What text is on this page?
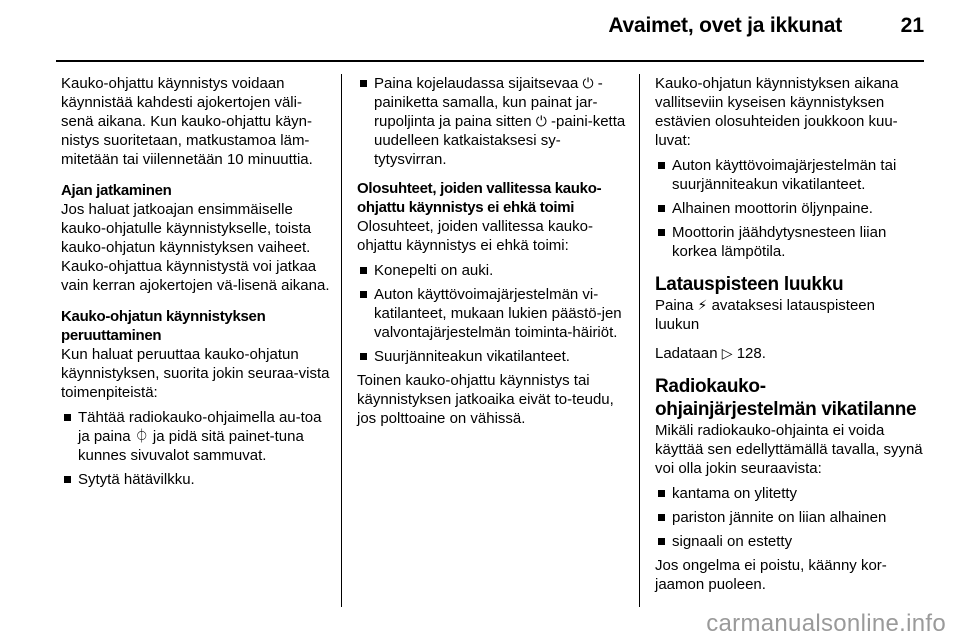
Avaimet, ovet ja ikkunat	21

Kauko-ohjattu käynnistys voidaan käynnistää kahdesti ajokertojen väli-senä aikana. Kun kauko-ohjattu käyn-nistys suoritetaan, matkustamoa läm-mitetään tai viilennetään 10 minuuttia.

Ajan jatkaminen

Jos haluat jatkoajan ensimmäiselle kauko-ohjatulle käynnistykselle, toista kauko-ohjatun käynnistyksen vaiheet. Kauko-ohjattua käynnistystä voi jatkaa vain kerran ajokertojen vä-lisenä aikana.

Kauko-ohjatun käynnistyksen peruuttaminen

Kun haluat peruuttaa kauko-ohjatun käynnistyksen, suorita jokin seuraa-vista toimenpiteistä:

Tähtää radiokauko-ohjaimella au-toa ja paina ⏀ ja pidä sitä painet-tuna kunnes sivuvalot sammuvat.
Sytytä hätävilkku.
Paina kojelaudassa sijaitsevaa ⏻ -painiketta samalla, kun painat jar-rupoljinta ja paina sitten ⏻ -paini-ketta uudelleen katkaistaksesi sy-tytysvirran.

Olosuhteet, joiden vallitessa kauko-ohjattu käynnistys ei ehkä toimi

Olosuhteet, joiden vallitessa kauko-ohjattu käynnistys ei ehkä toimi:

Konepelti on auki.
Auton käyttövoimajärjestelmän vi-katilanteet, mukaan lukien päästö-jen valvontajärjestelmän toiminta-häiriöt.
Suurjänniteakun vikatilanteet.

Toinen kauko-ohjattu käynnistys tai käynnistyksen jatkoaika eivät to-teudu, jos polttoaine on vähissä.

Kauko-ohjatun käynnistyksen aikana vallitseviin kyseisen käynnistyksen estävien olosuhteiden joukkoon kuu-luvat:

Auton käyttövoimajärjestelmän tai suurjänniteakun vikatilanteet.
Alhainen moottorin öljynpaine.
Moottorin jäähdytysnesteen liian korkea lämpötila.

Latauspisteen luukku

Paina ⚡ avataksesi latauspisteen luukun

Ladataan ▷ 128.

Radiokauko-ohjainjärjestelmän vikatilanne

Mikäli radiokauko-ohjainta ei voida käyttää sen edellyttämällä tavalla, syynä voi olla jokin seuraavista:

kantama on ylitetty
pariston jännite on liian alhainen
signaali on estetty

Jos ongelma ei poistu, käänny kor-jaamon puoleen.

carmanualsonline.info
